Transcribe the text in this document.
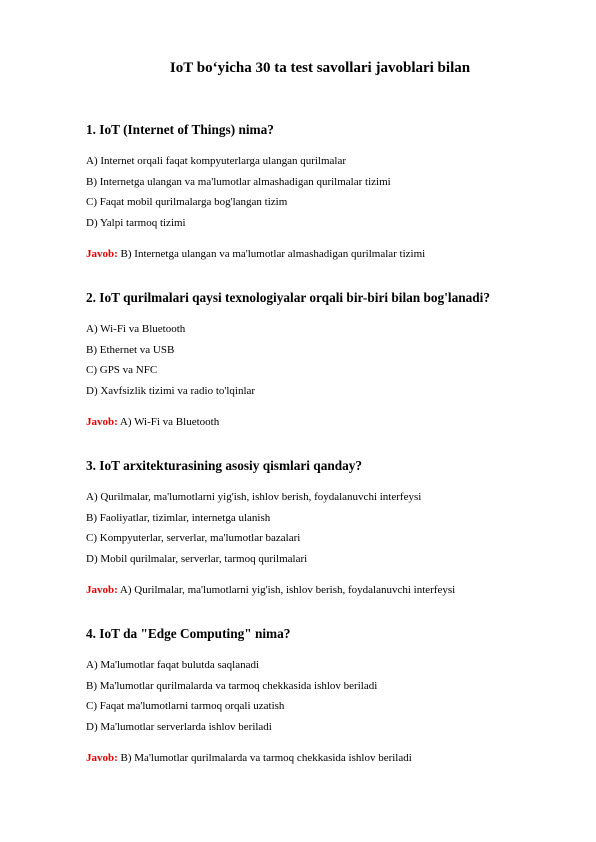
IoT bo‘yicha 30 ta test savollari javoblari bilan
1. IoT (Internet of Things) nima?
A) Internet orqali faqat kompyuterlarga ulangan qurilmalar
B) Internetga ulangan va ma'lumotlar almashadigan qurilmalar tizimi
C) Faqat mobil qurilmalarga bog'langan tizim
D) Yalpi tarmoq tizimi
Javob: B) Internetga ulangan va ma'lumotlar almashadigan qurilmalar tizimi
2. IoT qurilmalari qaysi texnologiyalar orqali bir-biri bilan bog'lanadi?
A) Wi-Fi va Bluetooth
B) Ethernet va USB
C) GPS va NFC
D) Xavfsizlik tizimi va radio to'lqinlar
Javob: A) Wi-Fi va Bluetooth
3. IoT arxitekturasining asosiy qismlari qanday?
A) Qurilmalar, ma'lumotlarni yig'ish, ishlov berish, foydalanuvchi interfeysi
B) Faoliyatlar, tizimlar, internetga ulanish
C) Kompyuterlar, serverlar, ma'lumotlar bazalari
D) Mobil qurilmalar, serverlar, tarmoq qurilmalari
Javob: A) Qurilmalar, ma'lumotlarni yig'ish, ishlov berish, foydalanuvchi interfeysi
4. IoT da "Edge Computing" nima?
A) Ma'lumotlar faqat bulutda saqlanadi
B) Ma'lumotlar qurilmalarda va tarmoq chekkasida ishlov beriladi
C) Faqat ma'lumotlarni tarmoq orqali uzatish
D) Ma'lumotlar serverlarda ishlov beriladi
Javob: B) Ma'lumotlar qurilmalarda va tarmoq chekkasida ishlov beriladi
